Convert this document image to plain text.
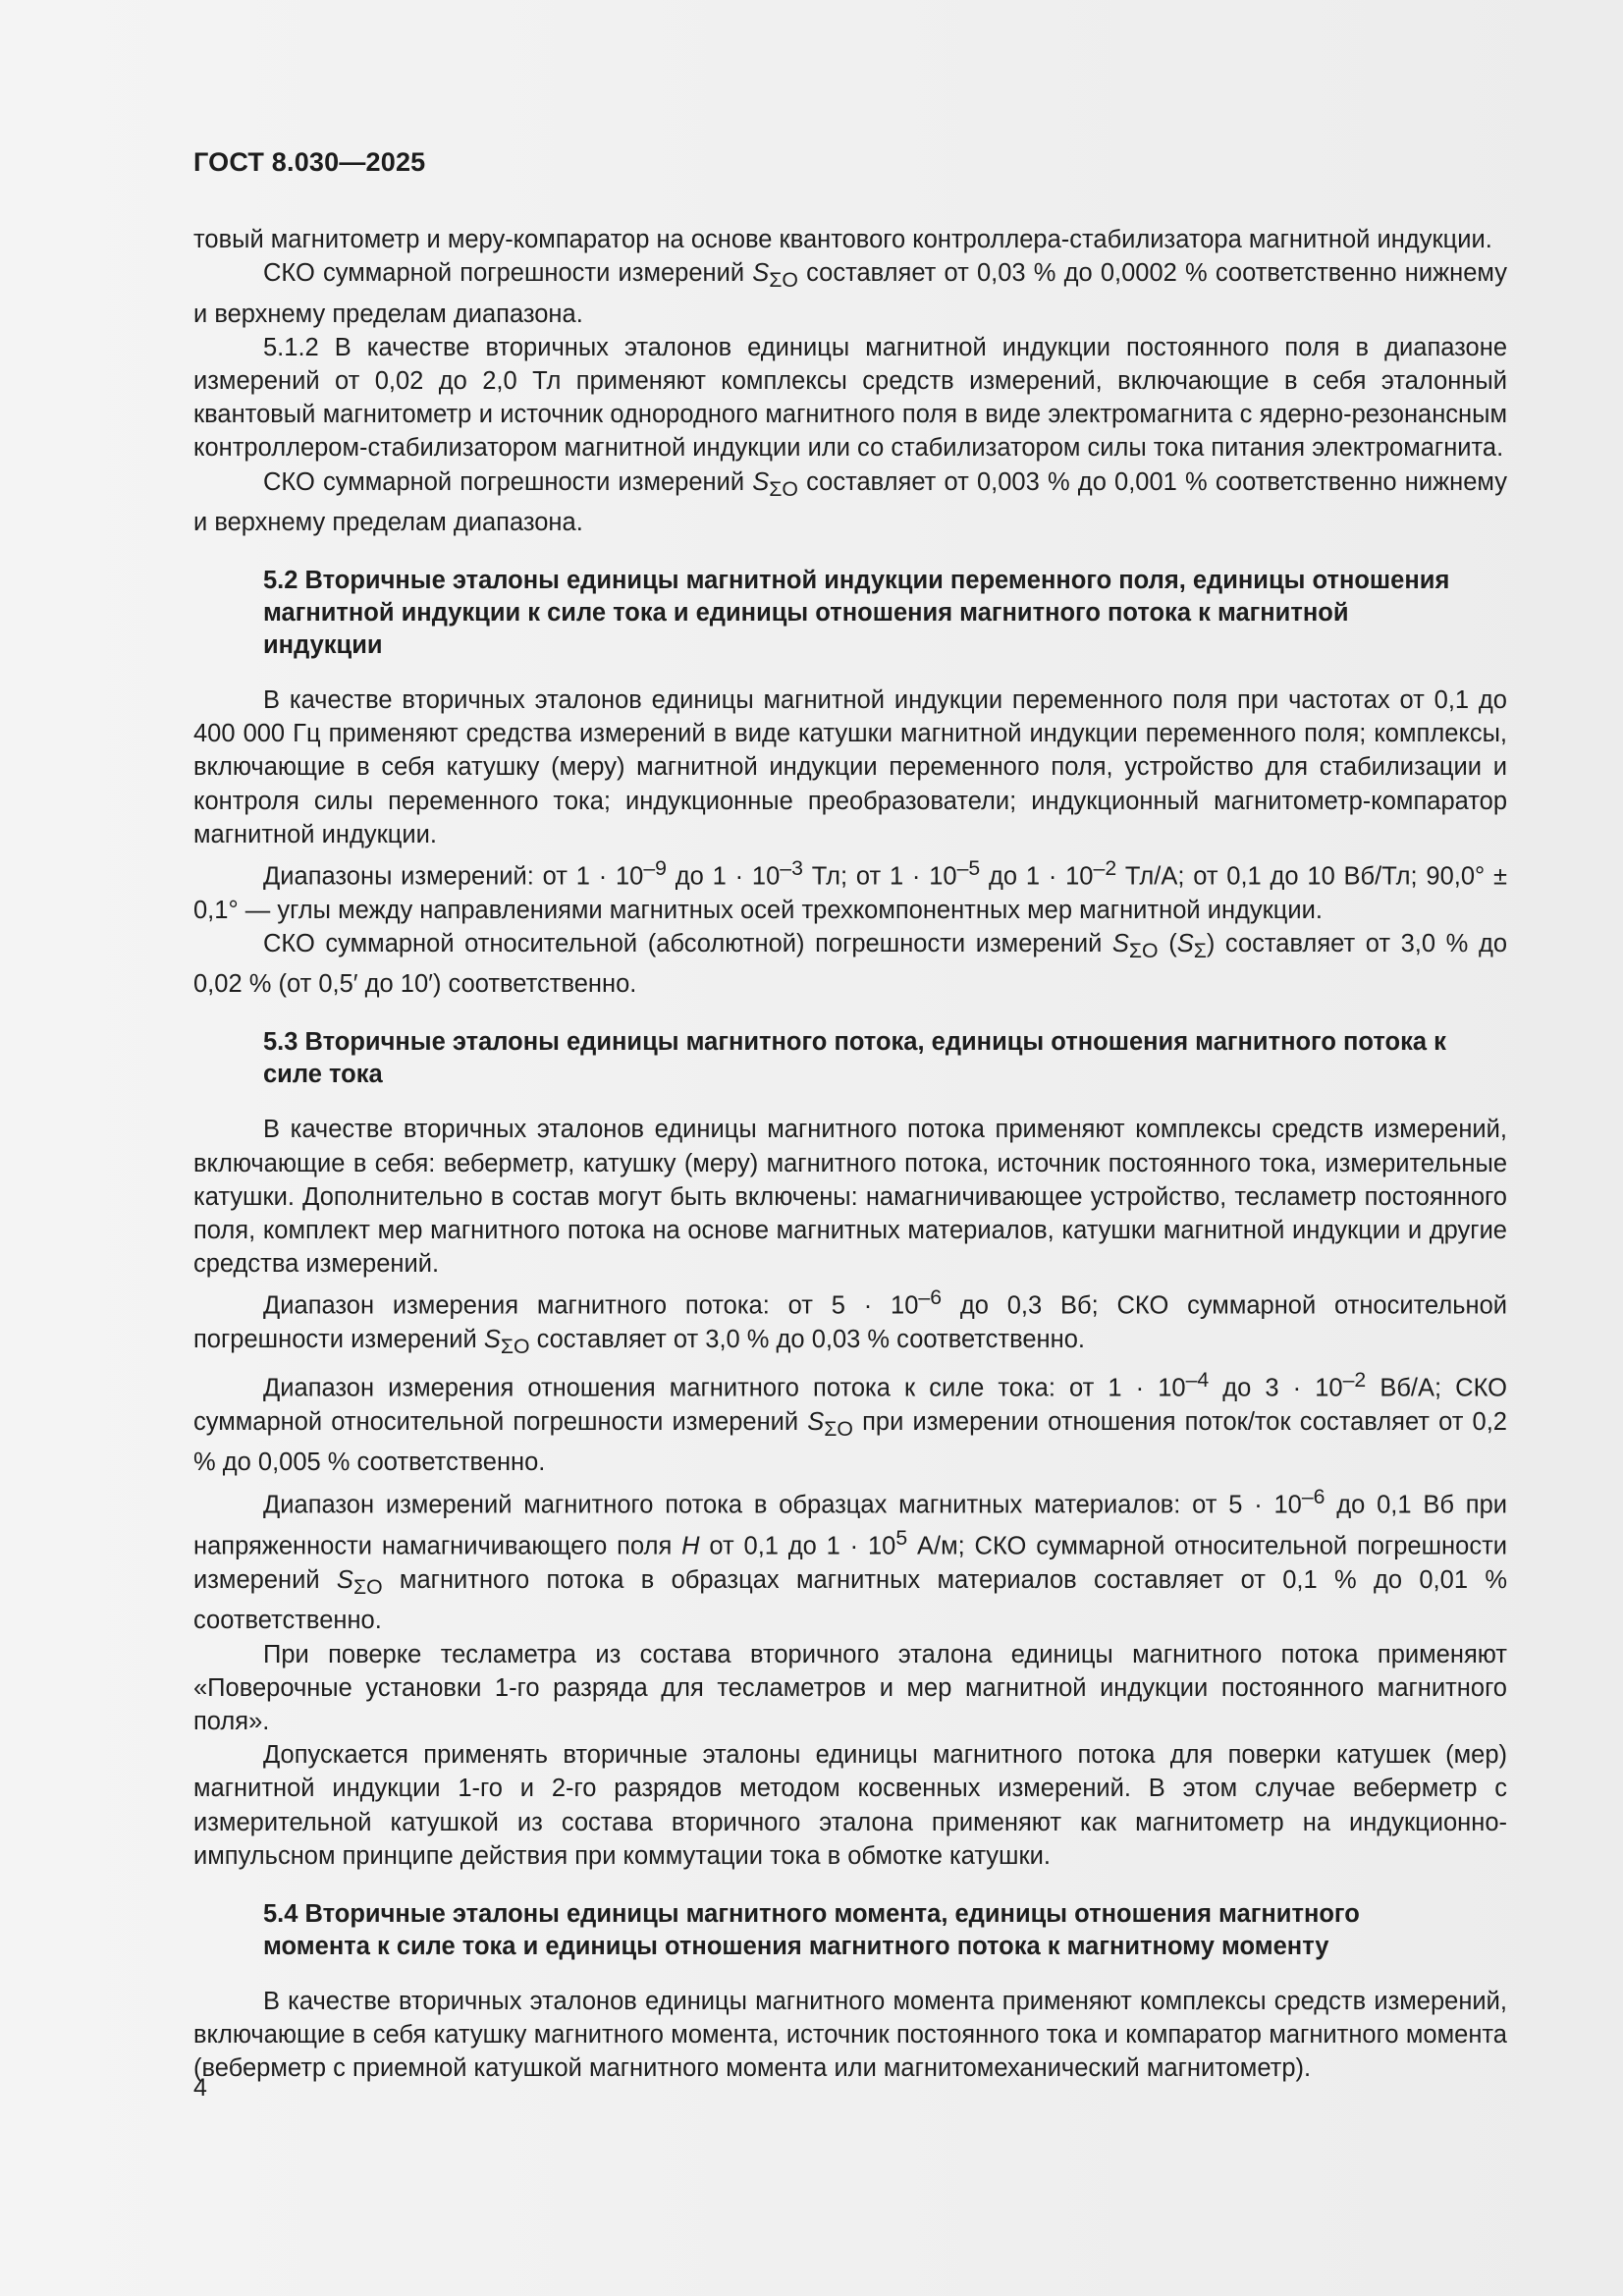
ГОСТ 8.030—2025

товый магнитометр и меру-компаратор на основе квантового контроллера-стабилизатора магнитной индукции.

СКО суммарной погрешности измерений $S_{\Sigma O}$ составляет от 0,03 % до 0,0002 % соответственно нижнему и верхнему пределам диапазона.

5.1.2 В качестве вторичных эталонов единицы магнитной индукции постоянного поля в диапазоне измерений от 0,02 до 2,0 Тл применяют комплексы средств измерений, включающие в себя эталонный квантовый магнитометр и источник однородного магнитного поля в виде электромагнита с ядерно-резонансным контроллером-стабилизатором магнитной индукции или со стабилизатором силы тока питания электромагнита.

СКО суммарной погрешности измерений $S_{\Sigma O}$ составляет от 0,003 % до 0,001 % соответственно нижнему и верхнему пределам диапазона.

5.2 Вторичные эталоны единицы магнитной индукции переменного поля, единицы отношения магнитной индукции к силе тока и единицы отношения магнитного потока к магнитной индукции

В качестве вторичных эталонов единицы магнитной индукции переменного поля при частотах от 0,1 до 400 000 Гц применяют средства измерений в виде катушки магнитной индукции переменного поля; комплексы, включающие в себя катушку (меру) магнитной индукции переменного поля, устройство для стабилизации и контроля силы переменного тока; индукционные преобразователи; индукционный магнитометр-компаратор магнитной индукции.

Диапазоны измерений: от $1 \cdot 10^{-9}$ до $1 \cdot 10^{-3}$ Тл; от $1 \cdot 10^{-5}$ до $1 \cdot 10^{-2}$ Тл/А; от 0,1 до 10 Вб/Тл; 90,0° ± 0,1° — углы между направлениями магнитных осей трехкомпонентных мер магнитной индукции.

СКО суммарной относительной (абсолютной) погрешности измерений $S_{\Sigma O}$ $(S_\Sigma)$ составляет от 3,0 % до 0,02 % (от 0,5′ до 10′) соответственно.

5.3 Вторичные эталоны единицы магнитного потока, единицы отношения магнитного потока к силе тока

В качестве вторичных эталонов единицы магнитного потока применяют комплексы средств измерений, включающие в себя: веберметр, катушку (меру) магнитного потока, источник постоянного тока, измерительные катушки. Дополнительно в состав могут быть включены: намагничивающее устройство, тесламетр постоянного поля, комплект мер магнитного потока на основе магнитных материалов, катушки магнитной индукции и другие средства измерений.

Диапазон измерения магнитного потока: от $5 \cdot 10^{-6}$ до 0,3 Вб; СКО суммарной относительной погрешности измерений $S_{\Sigma O}$ составляет от 3,0 % до 0,03 % соответственно.

Диапазон измерения отношения магнитного потока к силе тока: от $1 \cdot 10^{-4}$ до $3 \cdot 10^{-2}$ Вб/А; СКО суммарной относительной погрешности измерений $S_{\Sigma O}$ при измерении отношения поток/ток составляет от 0,2 % до 0,005 % соответственно.

Диапазон измерений магнитного потока в образцах магнитных материалов: от $5 \cdot 10^{-6}$ до 0,1 Вб при напряженности намагничивающего поля H от 0,1 до $1 \cdot 10^5$ А/м; СКО суммарной относительной погрешности измерений $S_{\Sigma O}$ магнитного потока в образцах магнитных материалов составляет от 0,1 % до 0,01 % соответственно.

При поверке тесламетра из состава вторичного эталона единицы магнитного потока применяют «Поверочные установки 1-го разряда для тесламетров и мер магнитной индукции постоянного магнитного поля».

Допускается применять вторичные эталоны единицы магнитного потока для поверки катушек (мер) магнитной индукции 1-го и 2-го разрядов методом косвенных измерений. В этом случае веберметр с измерительной катушкой из состава вторичного эталона применяют как магнитометр на индукционно-импульсном принципе действия при коммутации тока в обмотке катушки.

5.4 Вторичные эталоны единицы магнитного момента, единицы отношения магнитного момента к силе тока и единицы отношения магнитного потока к магнитному моменту

В качестве вторичных эталонов единицы магнитного момента применяют комплексы средств измерений, включающие в себя катушку магнитного момента, источник постоянного тока и компаратор магнитного момента (веберметр с приемной катушкой магнитного момента или магнитомеханический магнитометр).

4
